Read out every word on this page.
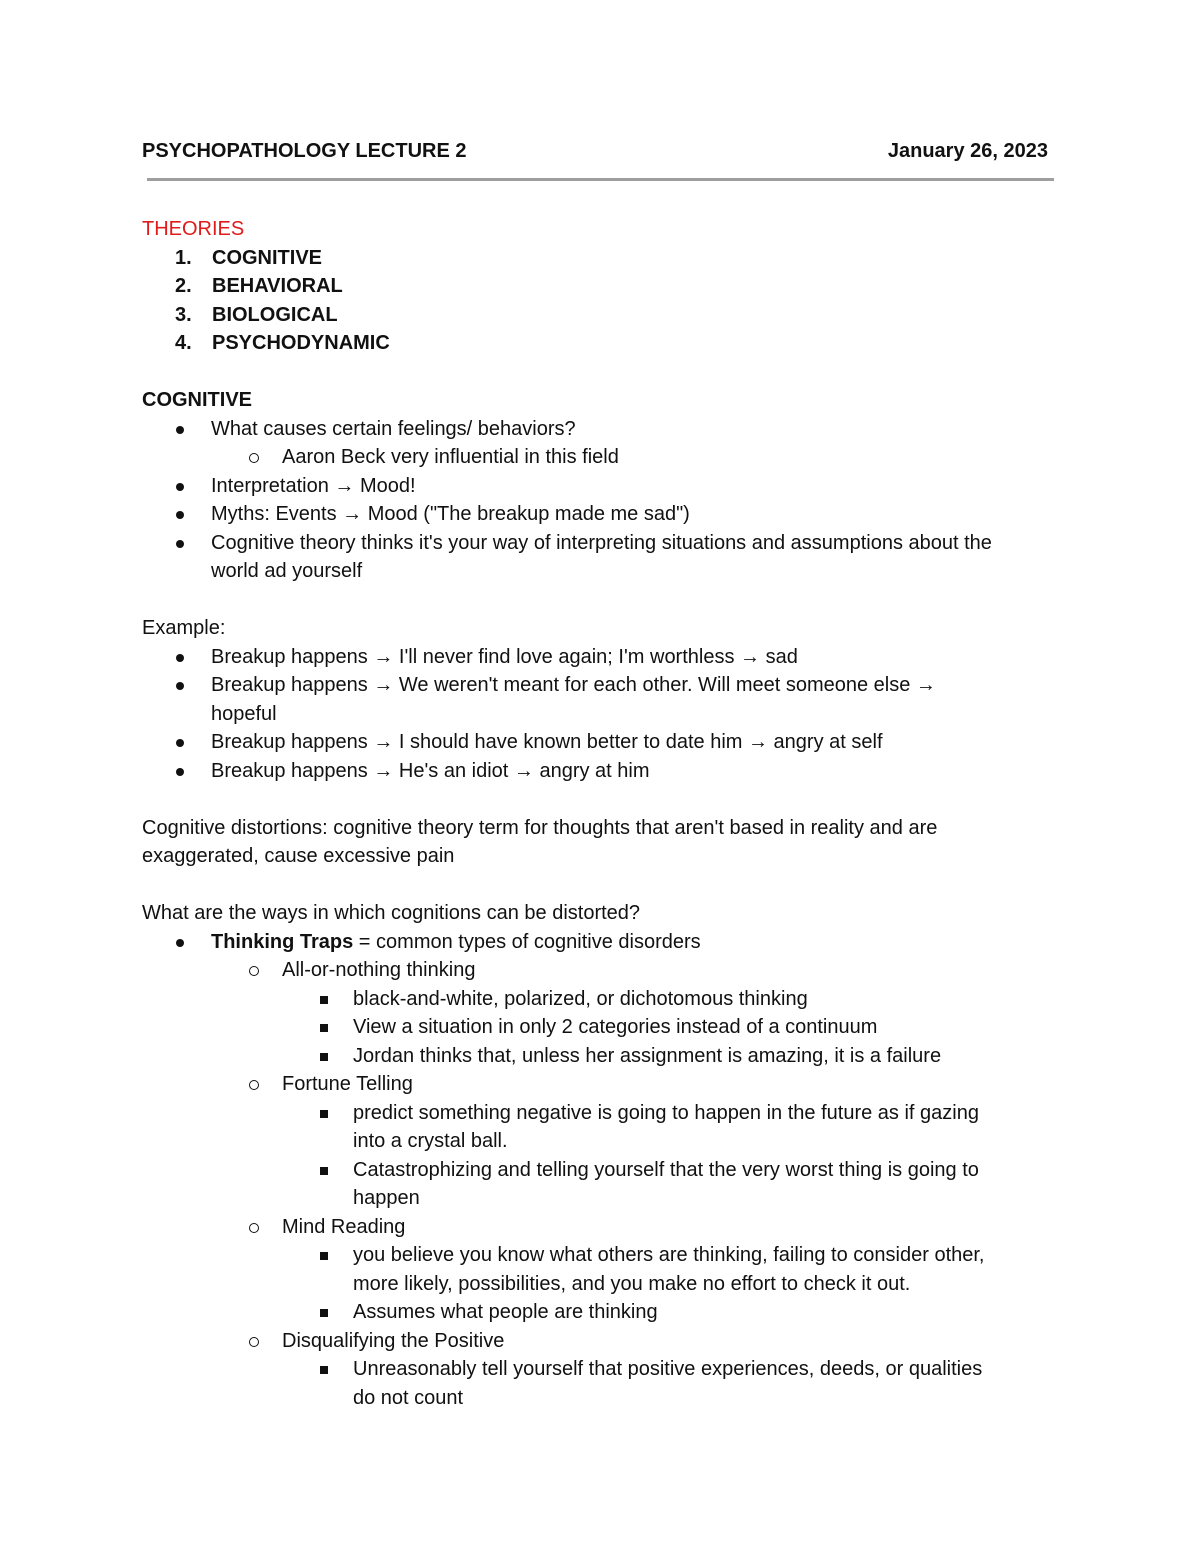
PSYCHOPATHOLOGY LECTURE 2	January 26, 2023
THEORIES
1. COGNITIVE
2. BEHAVIORAL
3. BIOLOGICAL
4. PSYCHODYNAMIC
COGNITIVE
What causes certain feelings/ behaviors?
Aaron Beck very influential in this field
Interpretation → Mood!
Myths: Events → Mood ("The breakup made me sad")
Cognitive theory thinks it's your way of interpreting situations and assumptions about the
world ad yourself
Example:
Breakup happens → I'll never find love again; I'm worthless → sad
Breakup happens → We weren't meant for each other. Will meet someone else →
hopeful
Breakup happens → I should have known better to date him → angry at self
Breakup happens → He's an idiot → angry at him
Cognitive distortions: cognitive theory term for thoughts that aren't based in reality and are
exaggerated, cause excessive pain
What are the ways in which cognitions can be distorted?
Thinking Traps = common types of cognitive disorders
All-or-nothing thinking
black-and-white, polarized, or dichotomous thinking
View a situation in only 2 categories instead of a continuum
Jordan thinks that, unless her assignment is amazing, it is a failure
Fortune Telling
predict something negative is going to happen in the future as if gazing
into a crystal ball.
Catastrophizing and telling yourself that the very worst thing is going to
happen
Mind Reading
you believe you know what others are thinking, failing to consider other,
more likely, possibilities, and you make no effort to check it out.
Assumes what people are thinking
Disqualifying the Positive
Unreasonably tell yourself that positive experiences, deeds, or qualities
do not count
